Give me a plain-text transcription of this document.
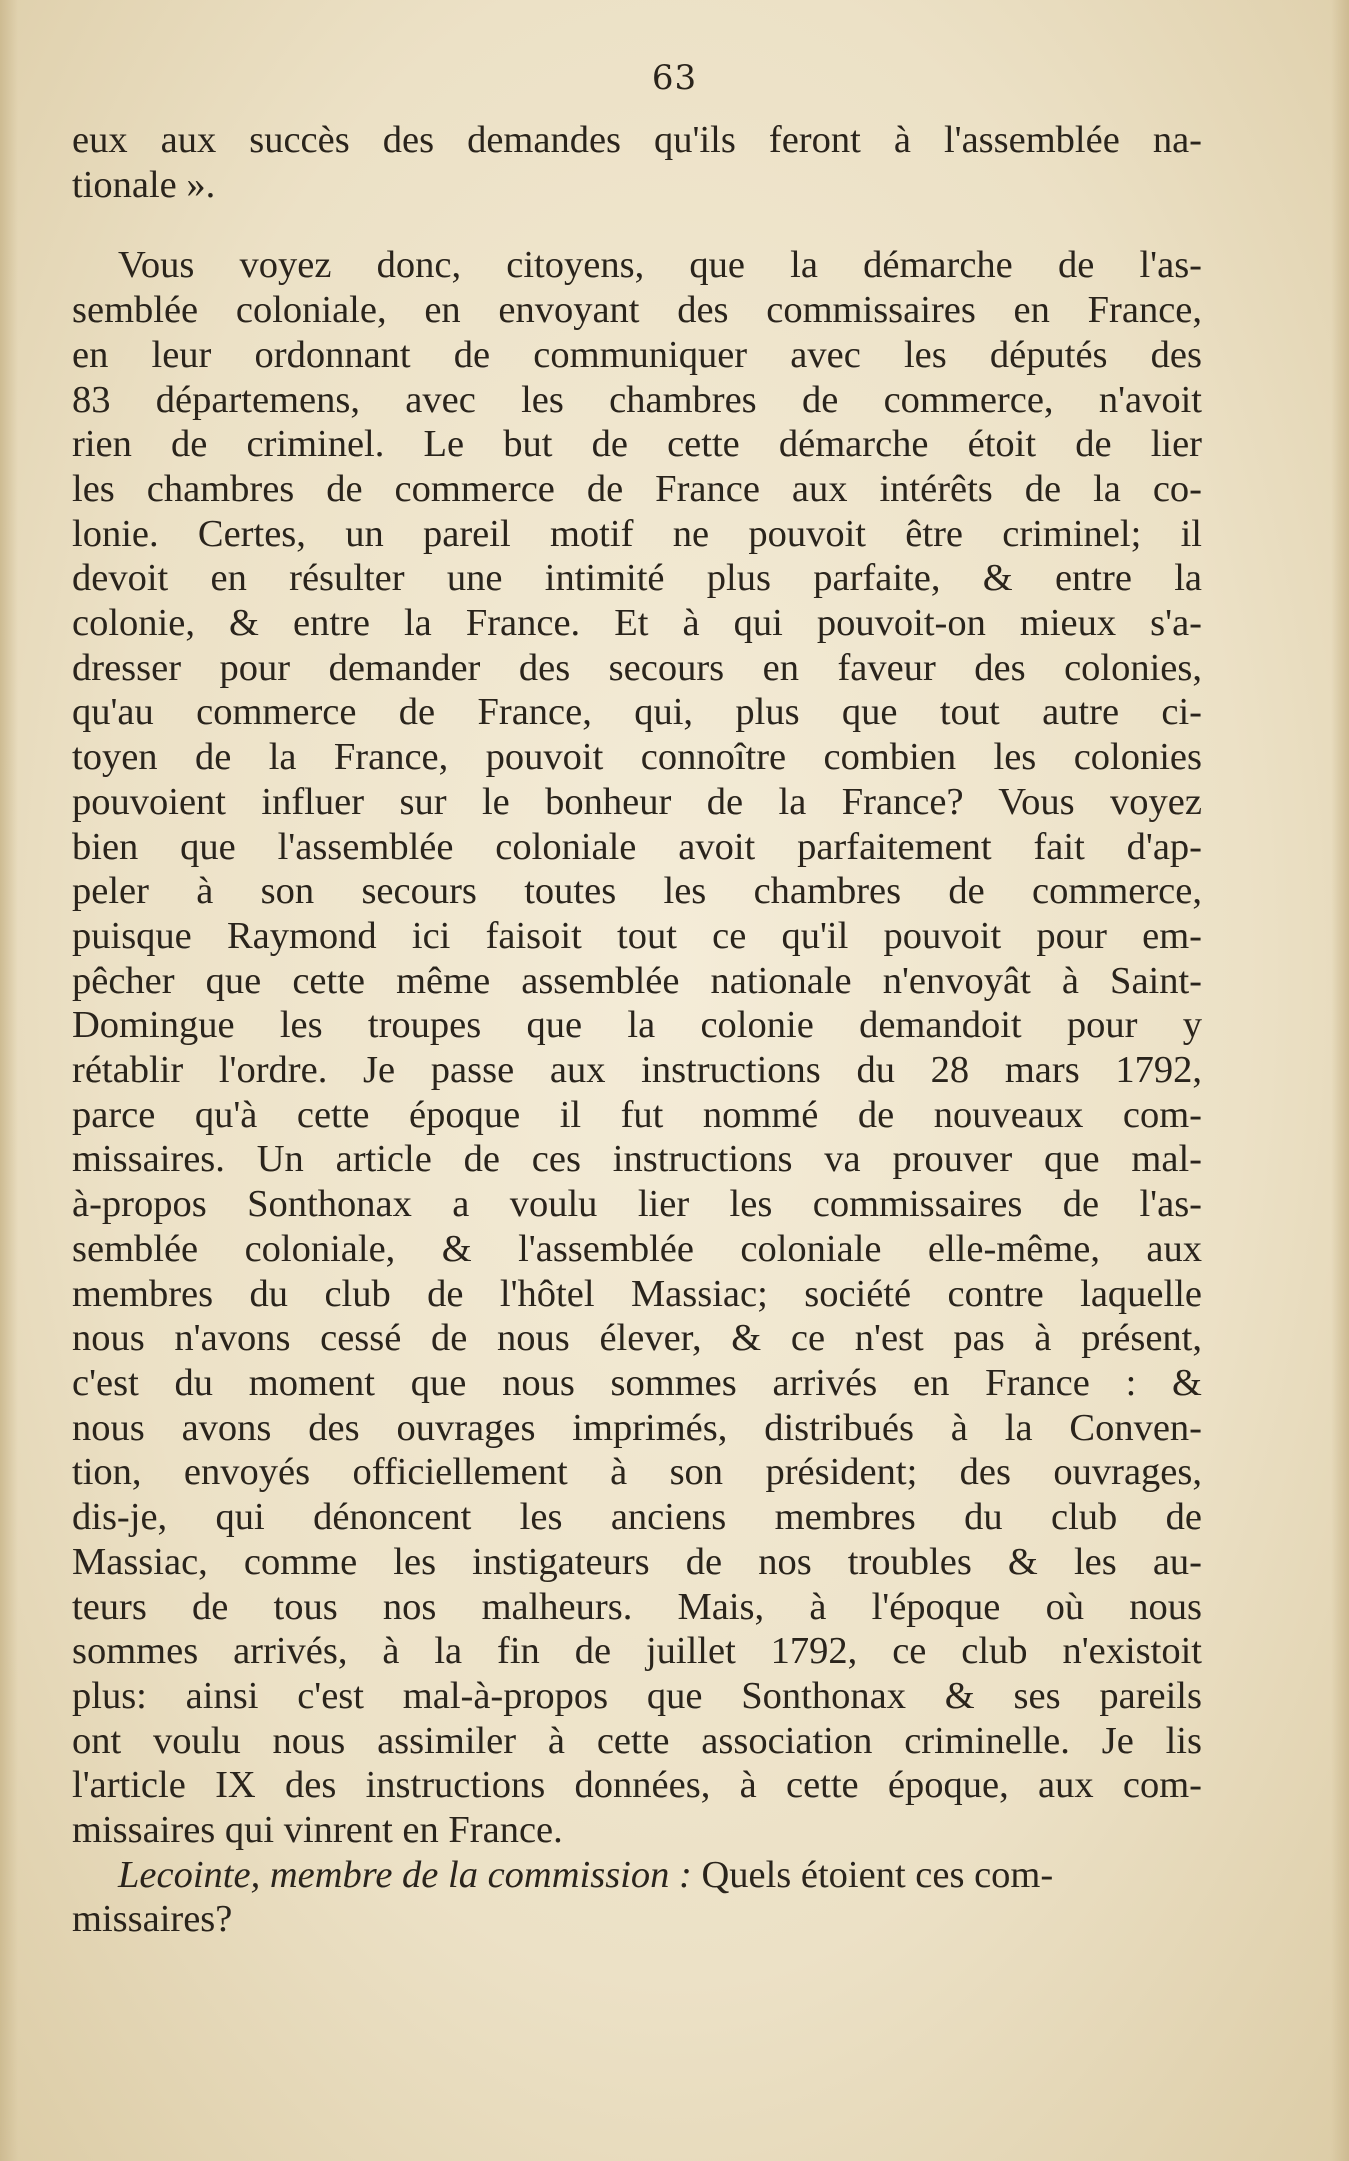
63
eux aux succès des demandes qu'ils feront à l'assemblée na-
tionale ».
Vous voyez donc, citoyens, que la démarche de l'as-
semblée coloniale, en envoyant des commissaires en France,
en leur ordonnant de communiquer avec les députés des
83 départemens, avec les chambres de commerce, n'avoit
rien de criminel. Le but de cette démarche étoit de lier
les chambres de commerce de France aux intérêts de la co-
lonie. Certes, un pareil motif ne pouvoit être criminel; il
devoit en résulter une intimité plus parfaite, & entre la
colonie, & entre la France. Et à qui pouvoit-on mieux s'a-
dresser pour demander des secours en faveur des colonies,
qu'au commerce de France, qui, plus que tout autre ci-
toyen de la France, pouvoit connoître combien les colonies
pouvoient influer sur le bonheur de la France? Vous voyez
bien que l'assemblée coloniale avoit parfaitement fait d'ap-
peler à son secours toutes les chambres de commerce,
puisque Raymond ici faisoit tout ce qu'il pouvoit pour em-
pêcher que cette même assemblée nationale n'envoyât à Saint-
Domingue les troupes que la colonie demandoit pour y
rétablir l'ordre. Je passe aux instructions du 28 mars 1792,
parce qu'à cette époque il fut nommé de nouveaux com-
missaires. Un article de ces instructions va prouver que mal-
à-propos Sonthonax a voulu lier les commissaires de l'as-
semblée coloniale, & l'assemblée coloniale elle-même, aux
membres du club de l'hôtel Massiac; société contre laquelle
nous n'avons cessé de nous élever, & ce n'est pas à présent,
c'est du moment que nous sommes arrivés en France : &
nous avons des ouvrages imprimés, distribués à la Conven-
tion, envoyés officiellement à son président; des ouvrages,
dis-je, qui dénoncent les anciens membres du club de
Massiac, comme les instigateurs de nos troubles & les au-
teurs de tous nos malheurs. Mais, à l'époque où nous
sommes arrivés, à la fin de juillet 1792, ce club n'existoit
plus: ainsi c'est mal-à-propos que Sonthonax & ses pareils
ont voulu nous assimiler à cette association criminelle. Je lis
l'article IX des instructions données, à cette époque, aux com-
missaires qui vinrent en France.
Lecointe, membre de la commission : Quels étoient ces com-
missaires?
